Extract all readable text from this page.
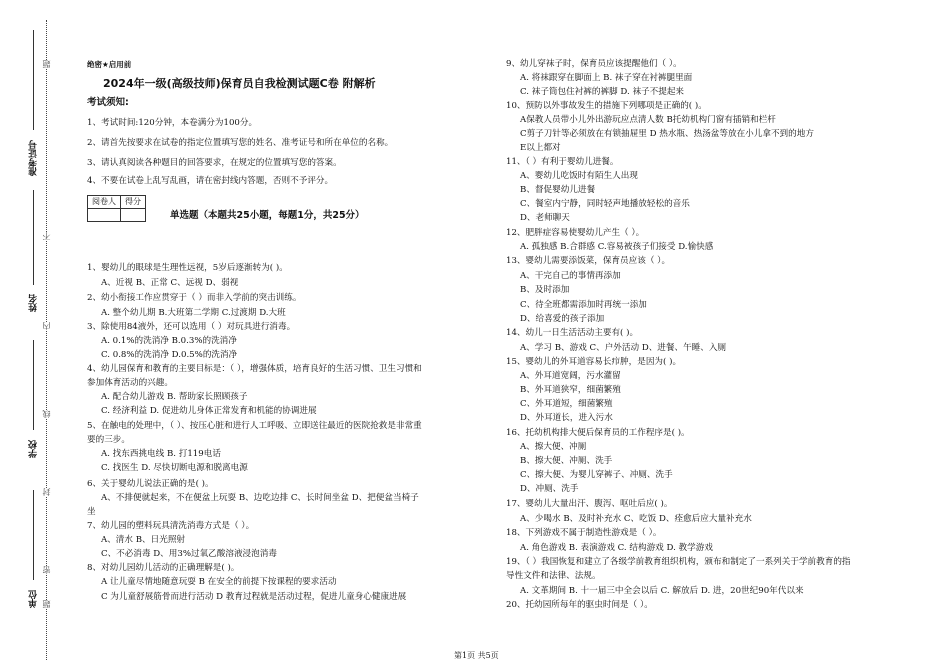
准考证号
姓名
学校
单位
题
不
内
线
封
密
题
绝密★启用前
2024年一级(高级技师)保育员自我检测试题C卷 附解析
考试须知:
1、考试时间:120分钟，本卷满分为100分。
2、请首先按要求在试卷的指定位置填写您的姓名、准考证号和所在单位的名称。
3、请认真阅读各种题目的回答要求，在规定的位置填写您的答案。
4、不要在试卷上乱写乱画，请在密封线内答题，否则不予评分。
阅卷人	得分

单选题（本题共25小题，每题1分，共25分）
1、婴幼儿的眼球是生理性远视，5岁后逐渐转为( )。
A、近视 B、正常 C、远视 D、弱视
2、幼小衔接工作应贯穿于（ ）而非入学前的突击训练。
A. 整个幼儿期 B.大班第二学期 C.过渡期 D.大班
3、除使用84液外，还可以选用（ ）对玩具进行消毒。
A. 0.1%的洗消净 B.0.3%的洗消净
C. 0.8%的洗消净 D.0.5%的洗消净
4、幼儿园保育和教育的主要目标是：（ ），增强体质，培育良好的生活习惯、卫生习惯和
参加体育活动的兴趣。
A. 配合幼儿游戏 B. 帮助家长照顾孩子
C. 经济利益 D. 促进幼儿身体正常发育和机能的协调进展
5、在触电的处理中，（ ）、按压心脏和进行人工呼吸、立即送往最近的医院抢救是非常重
要的三步。
A. 找东西挑电线 B. 打119电话
C. 找医生 D. 尽快切断电源和脱离电源
6、关于婴幼儿说法正确的是( )。
A、不排便就起来，不在便盆上玩耍 B、边吃边排 C、长时间坐盆 D、把便盆当椅子
坐
7、幼儿园的塑料玩具清洗消毒方式是（ ）。
A、清水 B、日光照射
C、不必消毒 D、用3%过氧乙酸溶液浸泡消毒
8、对幼儿园幼儿活动的正确理解是( )。
A 让儿童尽情地随意玩耍 B 在安全的前提下按课程的要求活动
C 为儿童舒展筋骨而进行活动 D 教育过程就是活动过程，促进儿童身心健康进展
9、幼儿穿袜子时，保育员应该提醒他们（ ）。
A. 将袜跟穿在脚面上 B. 袜子穿在衬裤腿里面
C. 袜子筒包住衬裤的裤脚 D. 袜子不提起来
10、预防以外事故发生的措施下列哪项是正确的( )。
A保教人员带小儿外出游玩应点清人数 B托幼机构门窗有插销和栏杆
C剪子刀针等必须放在有锁抽屉里 D 热水瓶、热汤盆等放在小儿拿不到的地方
E以上都对
11、（ ）有利于婴幼儿进餐。
A、婴幼儿吃饭时有陌生人出现
B、督促婴幼儿进餐
C、餐室内宁静，同时轻声地播放轻松的音乐
D、老师聊天
12、肥胖症容易使婴幼儿产生（ ）。
A. 孤独感 B.合群感 C.容易被孩子们接受 D.愉快感
13、婴幼儿需要添饭菜，保育员应该（ ）。
A、干完自己的事情再添加
B、及时添加
C、待全班都需添加时再统一添加
D、给喜爱的孩子添加
14、幼儿一日生活活动主要有( )。
A、学习 B、游戏 C、户外活动 D、进餐、午睡、入厕
15、婴幼儿的外耳道容易长疖肿，是因为( )。
A、外耳道宽阔，污水灌留
B、外耳道狭窄，细菌繁殖
C、外耳道短，细菌繁殖
D、外耳道长，进入污水
16、托幼机构排大便后保育员的工作程序是( )。
A、擦大便、冲厕
B、擦大便、冲厕、洗手
C、擦大便、为婴儿穿裤子、冲厕、洗手
D、冲厕、洗手
17、婴幼儿大量出汗、腹泻、呕吐后应( )。
A、少喝水 B、及时补充水 C、吃饭 D、痊愈后应大量补充水
18、下列游戏不属于制造性游戏是（ ）。
A. 角色游戏 B. 表演游戏 C. 结构游戏 D. 教学游戏
19、（ ）我国恢复和建立了各级学前教育组织机构，颁布和制定了一系列关于学前教育的指
导性文件和法律、法规。
A. 文革期间 B. 十一届三中全会以后 C. 解放后 D. 进，20世纪90年代以来
20、托幼园所每年的驱虫时间是（ ）。
第1页 共5页
